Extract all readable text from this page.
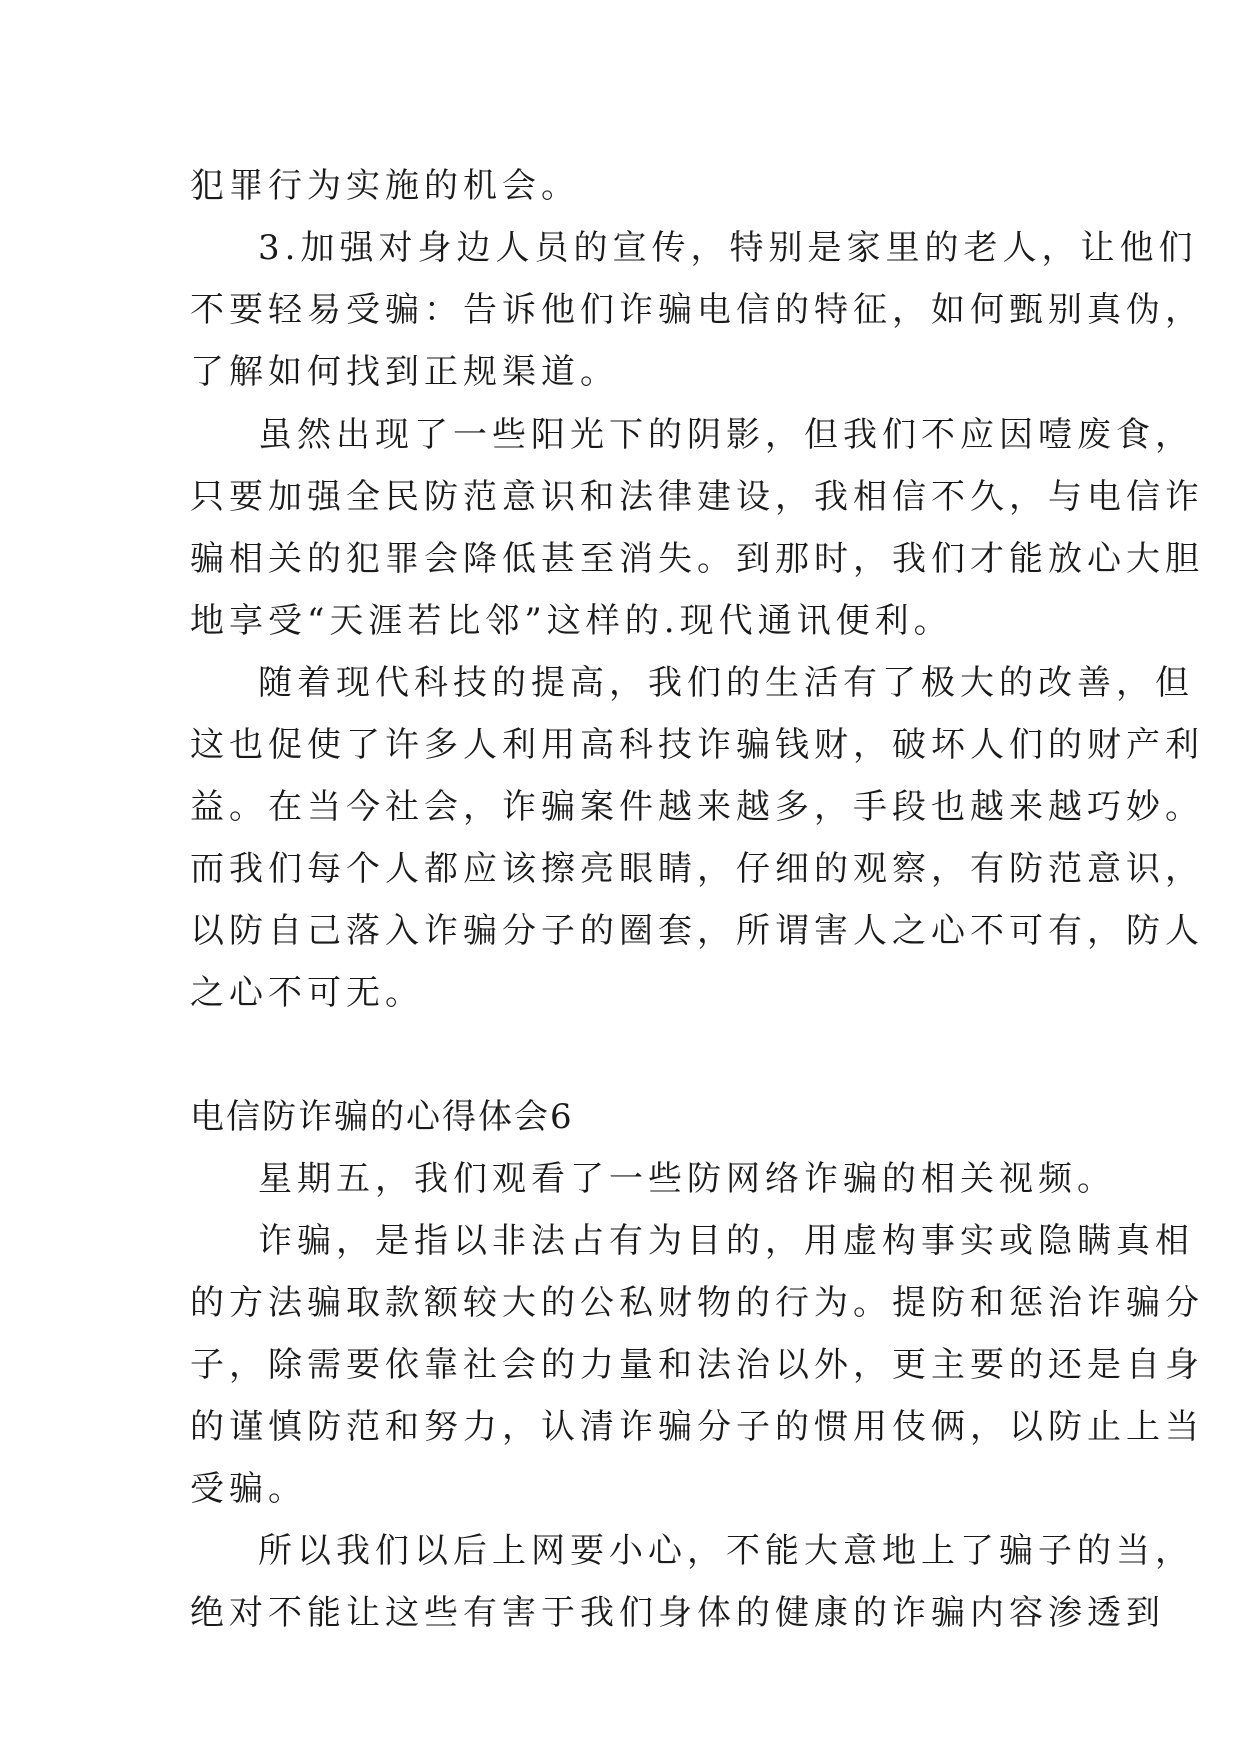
犯罪行为实施的机会。
3.加强对身边人员的宣传，特别是家里的老人，让他们
不要轻易受骗：告诉他们诈骗电信的特征，如何甄别真伪，
了解如何找到正规渠道。
虽然出现了一些阳光下的阴影，但我们不应因噎废食，
只要加强全民防范意识和法律建设，我相信不久，与电信诈
骗相关的犯罪会降低甚至消失。到那时，我们才能放心大胆
地享受“天涯若比邻”这样的.现代通讯便利。
随着现代科技的提高，我们的生活有了极大的改善，但
这也促使了许多人利用高科技诈骗钱财，破坏人们的财产利
益。在当今社会，诈骗案件越来越多，手段也越来越巧妙。
而我们每个人都应该擦亮眼睛，仔细的观察，有防范意识，
以防自己落入诈骗分子的圈套，所谓害人之心不可有，防人
之心不可无。
电信防诈骗的心得体会6
星期五，我们观看了一些防网络诈骗的相关视频。
诈骗，是指以非法占有为目的，用虚构事实或隐瞒真相
的方法骗取款额较大的公私财物的行为。提防和惩治诈骗分
子，除需要依靠社会的力量和法治以外，更主要的还是自身
的谨慎防范和努力，认清诈骗分子的惯用伎俩，以防止上当
受骗。
所以我们以后上网要小心，不能大意地上了骗子的当，
绝对不能让这些有害于我们身体的健康的诈骗内容渗透到
